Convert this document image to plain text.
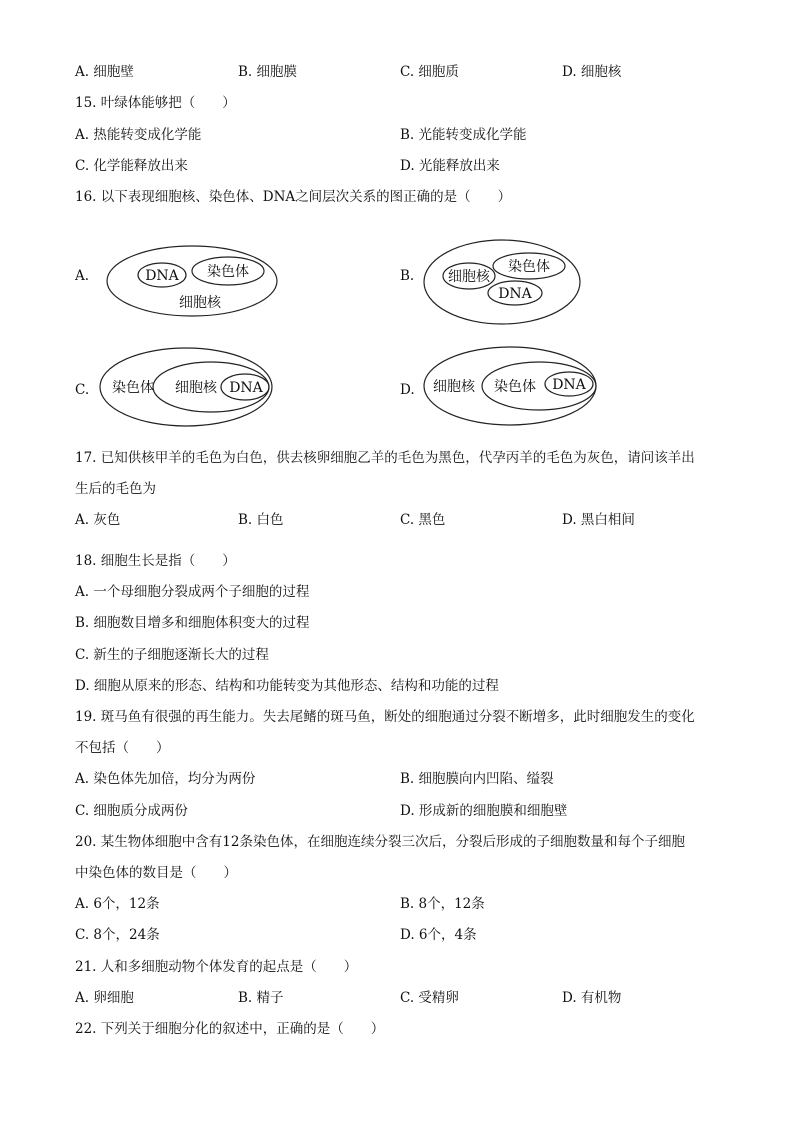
A. 细胞壁	B. 细胞膜	C. 细胞质	D. 细胞核
15. 叶绿体能够把（　　）
A. 热能转变成化学能	B. 光能转变成化学能
C. 化学能释放出来	D. 光能释放出来
16. 以下表现细胞核、染色体、DNA之间层次关系的图正确的是（　　）
A.	DNA 染色体
细胞核
B. 细胞核
染色体
DNA
C. 染色体 细胞核 DNA	D. 细胞核 染色体 DNA
17. 已知供核甲羊的毛色为白色，供去核卵细胞乙羊的毛色为黑色，代孕丙羊的毛色为灰色，请问该羊出
生后的毛色为
A. 灰色	B. 白色	C. 黑色	D. 黑白相间
18. 细胞生长是指（　　）
A. 一个母细胞分裂成两个子细胞的过程
B. 细胞数目增多和细胞体积变大的过程
C. 新生的子细胞逐渐长大的过程
D. 细胞从原来的形态、结构和功能转变为其他形态、结构和功能的过程
19. 斑马鱼有很强的再生能力。失去尾鳍的斑马鱼，断处的细胞通过分裂不断增多，此时细胞发生的变化
不包括（　　）
A. 染色体先加倍，均分为两份	B. 细胞膜向内凹陷、缢裂
C. 细胞质分成两份	D. 形成新的细胞膜和细胞壁
20. 某生物体细胞中含有12条染色体，在细胞连续分裂三次后，分裂后形成的子细胞数量和每个子细胞
中染色体的数目是（　　）
A. 6个，12条	B. 8个，12条
C. 8个，24条	D. 6个，4条
21. 人和多细胞动物个体发育的起点是（　　）
A. 卵细胞	B. 精子	C. 受精卵	D. 有机物
22. 下列关于细胞分化的叙述中，正确的是（　　）
